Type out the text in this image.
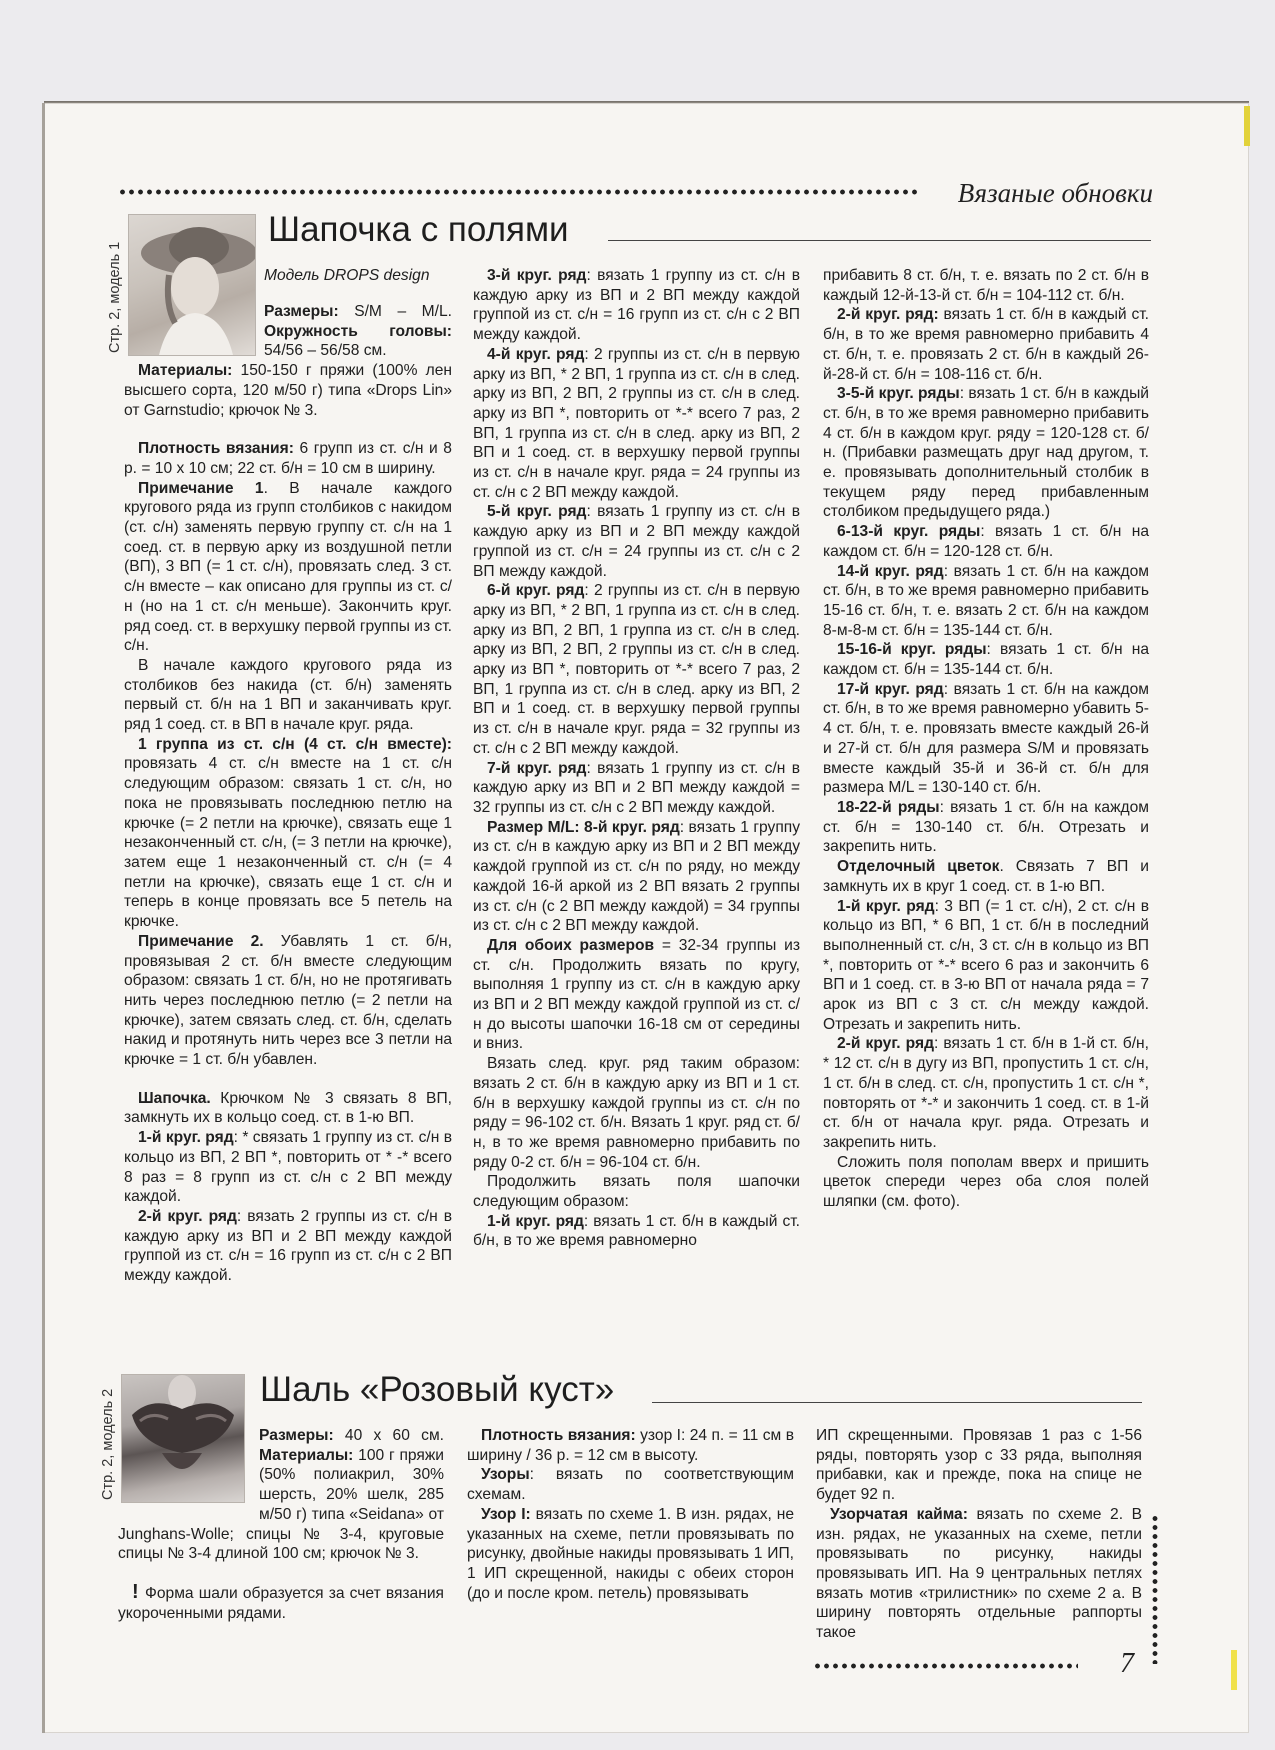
Вязаные обновки
Стр. 2, модель 1
Шапочка с полями

Модель DROPS design

Размеры: S/M – M/L. Окружность головы: 54/56 – 56/58 см.

Материалы: 150-150 г пряжи (100% лен высшего сорта, 120 м/50 г) типа «Drops Lin» от Garnstudio; крючок № 3.

Плотность вязания: 6 групп из ст. с/н и 8 р. = 10 x 10 см; 22 ст. б/н = 10 см в ширину.

Примечание 1. В начале каждого кругового ряда из групп столбиков с накидом (ст. с/н) заменять первую группу ст. с/н на 1 соед. ст. в первую арку из воздушной петли (ВП), 3 ВП (= 1 ст. с/н), провязать след. 3 ст. с/н вместе – как описано для группы из ст. с/н (но на 1 ст. с/н меньше). Закончить круг. ряд соед. ст. в верхушку первой группы из ст. с/н.

В начале каждого кругового ряда из столбиков без накида (ст. б/н) заменять первый ст. б/н на 1 ВП и заканчивать круг. ряд 1 соед. ст. в ВП в начале круг. ряда.

1 группа из ст. с/н (4 ст. с/н вместе): провязать 4 ст. с/н вместе на 1 ст. с/н следующим образом: связать 1 ст. с/н, но пока не провязывать последнюю петлю на крючке (= 2 петли на крючке), связать еще 1 незаконченный ст. с/н, (= 3 петли на крючке), затем еще 1 незаконченный ст. с/н (= 4 петли на крючке), связать еще 1 ст. с/н и теперь в конце провязать все 5 петель на крючке.

Примечание 2. Убавлять 1 ст. б/н, провязывая 2 ст. б/н вместе следующим образом: связать 1 ст. б/н, но не протягивать нить через последнюю петлю (= 2 петли на крючке), затем связать след. ст. б/н, сделать накид и протянуть нить через все 3 петли на крючке = 1 ст. б/н убавлен.

Шапочка. Крючком № 3 связать 8 ВП, замкнуть их в кольцо соед. ст. в 1-ю ВП.

1-й круг. ряд: * связать 1 группу из ст. с/н в кольцо из ВП, 2 ВП *, повторить от * -* всего 8 раз = 8 групп из ст. с/н с 2 ВП между каждой.

2-й круг. ряд: вязать 2 группы из ст. с/н в каждую арку из ВП и 2 ВП между каждой группой из ст. с/н = 16 групп из ст. с/н с 2 ВП между каждой.

3-й круг. ряд: вязать 1 группу из ст. с/н в каждую арку из ВП и 2 ВП между каждой группой из ст. с/н = 16 групп из ст. с/н с 2 ВП между каждой.

4-й круг. ряд: 2 группы из ст. с/н в первую арку из ВП, * 2 ВП, 1 группа из ст. с/н в след. арку из ВП, 2 ВП, 2 группы из ст. с/н в след. арку из ВП *, повторить от *-* всего 7 раз, 2 ВП, 1 группа из ст. с/н в след. арку из ВП, 2 ВП и 1 соед. ст. в верхушку первой группы из ст. с/н в начале круг. ряда = 24 группы из ст. с/н с 2 ВП между каждой.

5-й круг. ряд: вязать 1 группу из ст. с/н в каждую арку из ВП и 2 ВП между каждой группой из ст. с/н = 24 группы из ст. с/н с 2 ВП между каждой.

6-й круг. ряд: 2 группы из ст. с/н в первую арку из ВП, * 2 ВП, 1 группа из ст. с/н в след. арку из ВП, 2 ВП, 1 группа из ст. с/н в след. арку из ВП, 2 ВП, 2 группы из ст. с/н в след. арку из ВП *, повторить от *-* всего 7 раз, 2 ВП, 1 группа из ст. с/н в след. арку из ВП, 2 ВП и 1 соед. ст. в верхушку первой группы из ст. с/н в начале круг. ряда = 32 группы из ст. с/н с 2 ВП между каждой.

7-й круг. ряд: вязать 1 группу из ст. с/н в каждую арку из ВП и 2 ВП между каждой = 32 группы из ст. с/н с 2 ВП между каждой.

Размер M/L: 8-й круг. ряд: вязать 1 группу из ст. с/н в каждую арку из ВП и 2 ВП между каждой группой из ст. с/н по ряду, но между каждой 16-й аркой из 2 ВП вязать 2 группы из ст. с/н (с 2 ВП между каждой) = 34 группы из ст. с/н с 2 ВП между каждой.

Для обоих размеров = 32-34 группы из ст. с/н. Продолжить вязать по кругу, выполняя 1 группу из ст. с/н в каждую арку из ВП и 2 ВП между каждой группой из ст. с/н до высоты шапочки 16-18 см от середины и вниз.

Вязать след. круг. ряд таким образом: вязать 2 ст. б/н в каждую арку из ВП и 1 ст. б/н в верхушку каждой группы из ст. с/н по ряду = 96-102 ст. б/н. Вязать 1 круг. ряд ст. б/н, в то же время равномерно прибавить по ряду 0-2 ст. б/н = 96-104 ст. б/н.

Продолжить вязать поля шапочки следующим образом:

1-й круг. ряд: вязать 1 ст. б/н в каждый ст. б/н, в то же время равномерно

прибавить 8 ст. б/н, т. е. вязать по 2 ст. б/н в каждый 12-й-13-й ст. б/н = 104-112 ст. б/н.

2-й круг. ряд: вязать 1 ст. б/н в каждый ст. б/н, в то же время равномерно прибавить 4 ст. б/н, т. е. провязать 2 ст. б/н в каждый 26-й-28-й ст. б/н = 108-116 ст. б/н.

3-5-й круг. ряды: вязать 1 ст. б/н в каждый ст. б/н, в то же время равномерно прибавить 4 ст. б/н в каждом круг. ряду = 120-128 ст. б/н. (Прибавки размещать друг над другом, т. е. провязывать дополнительный столбик в текущем ряду перед прибавленным столбиком предыдущего ряда.)

6-13-й круг. ряды: вязать 1 ст. б/н на каждом ст. б/н = 120-128 ст. б/н.

14-й круг. ряд: вязать 1 ст. б/н на каждом ст. б/н, в то же время равномерно прибавить 15-16 ст. б/н, т. е. вязать 2 ст. б/н на каждом 8-м-8-м ст. б/н = 135-144 ст. б/н.

15-16-й круг. ряды: вязать 1 ст. б/н на каждом ст. б/н = 135-144 ст. б/н.

17-й круг. ряд: вязать 1 ст. б/н на каждом ст. б/н, в то же время равномерно убавить 5-4 ст. б/н, т. е. провязать вместе каждый 26-й и 27-й ст. б/н для размера S/M и провязать вместе каждый 35-й и 36-й ст. б/н для размера M/L = 130-140 ст. б/н.

18-22-й ряды: вязать 1 ст. б/н на каждом ст. б/н = 130-140 ст. б/н. Отрезать и закрепить нить.

Отделочный цветок. Связать 7 ВП и замкнуть их в круг 1 соед. ст. в 1-ю ВП.

1-й круг. ряд: 3 ВП (= 1 ст. с/н), 2 ст. с/н в кольцо из ВП, * 6 ВП, 1 ст. б/н в последний выполненный ст. с/н, 3 ст. с/н в кольцо из ВП *, повторить от *-* всего 6 раз и закончить 6 ВП и 1 соед. ст. в 3-ю ВП от начала ряда = 7 арок из ВП с 3 ст. с/н между каждой. Отрезать и закрепить нить.

2-й круг. ряд: вязать 1 ст. б/н в 1-й ст. б/н, * 12 ст. с/н в дугу из ВП, пропустить 1 ст. с/н, 1 ст. б/н в след. ст. с/н, пропустить 1 ст. с/н *, повторять от *-* и закончить 1 соед. ст. в 1-й ст. б/н от начала круг. ряда. Отрезать и закрепить нить.

Сложить поля пополам вверх и пришить цветок спереди через оба слоя полей шляпки (см. фото).

Стр. 2, модель 2	Шаль «Розовый куст»

Размеры: 40 x 60 см. Материалы: 100 г пряжи (50% полиакрил, 30% шерсть, 20% шелк, 285 м/50 г) типа «Seidana» от Junghans-Wolle; спицы № 3-4, круговые спицы № 3-4 длиной 100 см; крючок № 3.

! Форма шали образуется за счет вязания укороченными рядами.

Плотность вязания: узор I: 24 п. = 11 см в ширину / 36 р. = 12 см в высоту.

Узоры: вязать по соответствующим схемам.

Узор I: вязать по схеме 1. В изн. рядах, не указанных на схеме, петли провязывать по рисунку, двойные накиды провязывать 1 ИП, 1 ИП скрещенной, накиды с обеих сторон (до и после кром. петель) провязывать

ИП скрещенными. Провязав 1 раз с 1-56 ряды, повторять узор с 33 ряда, выполняя прибавки, как и прежде, пока на спице не будет 92 п.

Узорчатая кайма: вязать по схеме 2. В изн. рядах, не указанных на схеме, петли провязывать по рисунку, накиды провязывать ИП. На 9 центральных петлях вязать мотив «трилистник» по схеме 2 а. В ширину повторять отдельные раппорты такое

7
